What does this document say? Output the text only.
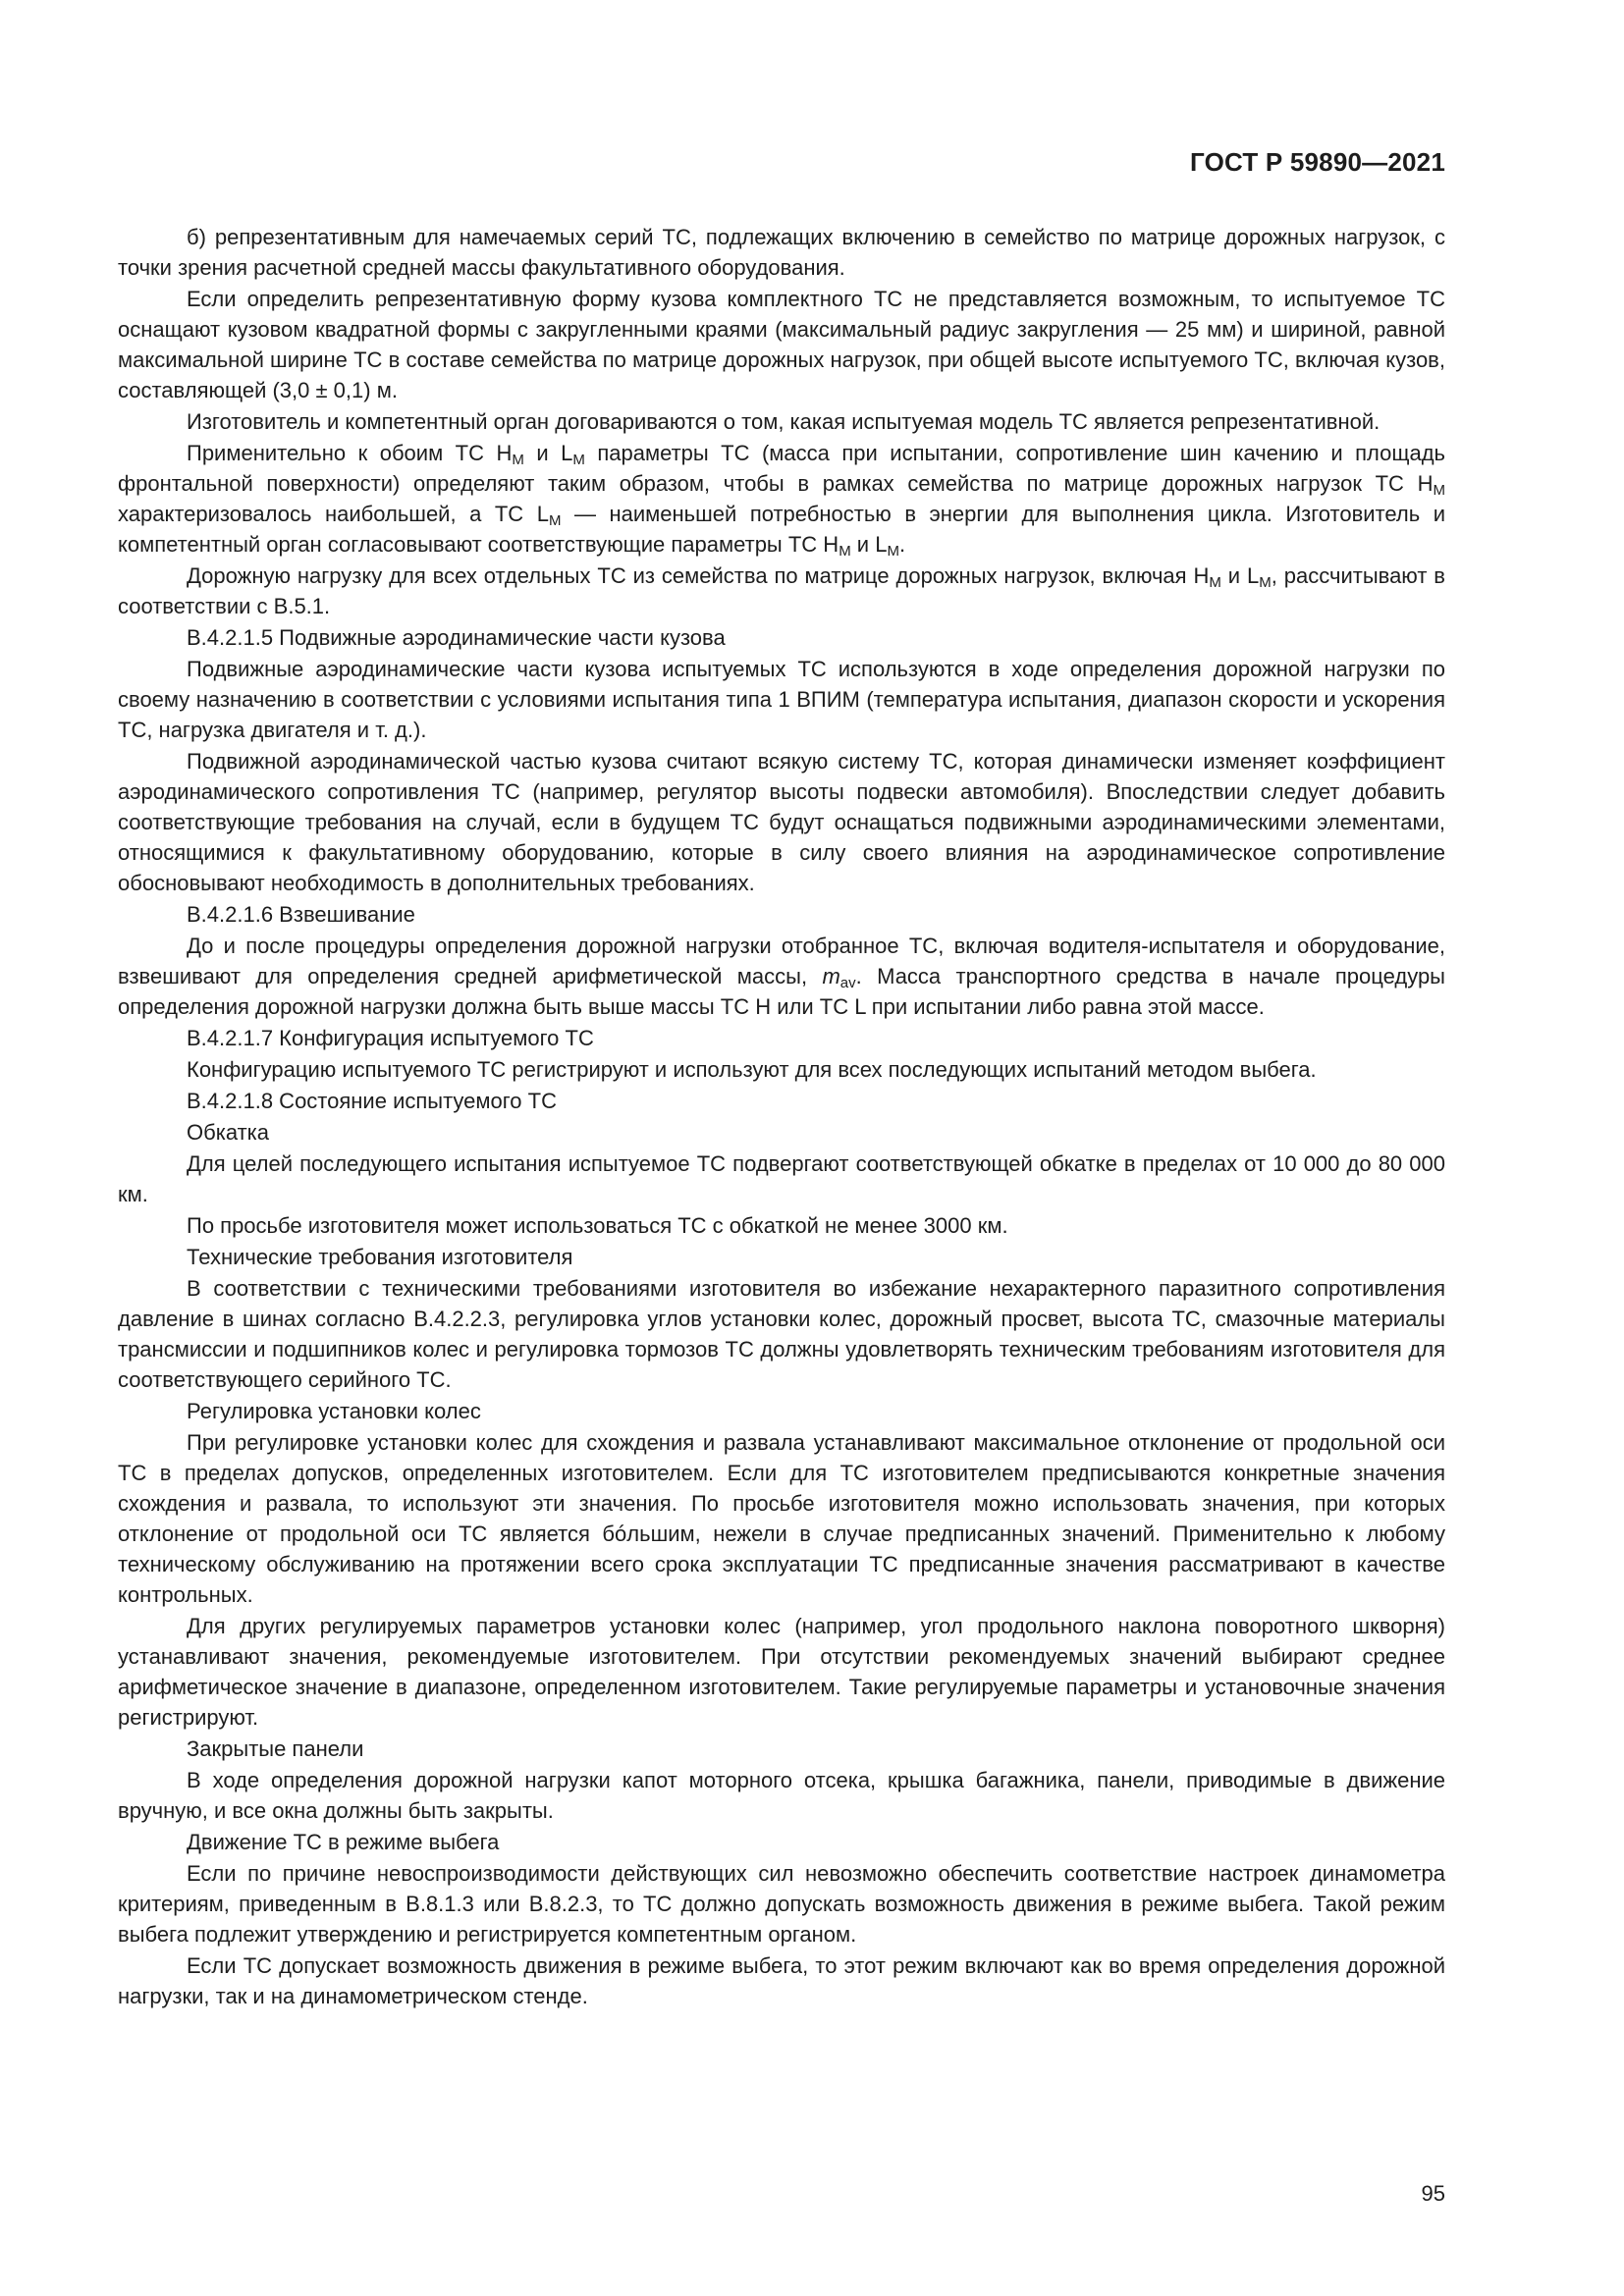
ГОСТ Р 59890—2021

б) репрезентативным для намечаемых серий ТС, подлежащих включению в семейство по матрице дорожных нагрузок, с точки зрения расчетной средней массы факультативного оборудования.

Если определить репрезентативную форму кузова комплектного ТС не представляется возможным, то испытуемое ТС оснащают кузовом квадратной формы с закругленными краями (максимальный радиус закругления — 25 мм) и шириной, равной максимальной ширине ТС в составе семейства по матрице дорожных нагрузок, при общей высоте испытуемого ТС, включая кузов, составляющей (3,0 ± 0,1) м.

Изготовитель и компетентный орган договариваются о том, какая испытуемая модель ТС является репрезентативной.

Применительно к обоим ТС $Н_M$ и $L_M$ параметры ТС (масса при испытании, сопротивление шин качению и площадь фронтальной поверхности) определяют таким образом, чтобы в рамках семейства по матрице дорожных нагрузок ТС $Н_M$ характеризовалось наибольшей, а ТС $L_M$ — наименьшей потребностью в энергии для выполнения цикла. Изготовитель и компетентный орган согласовывают соответствующие параметры ТС $Н_M$ и $L_M$.

Дорожную нагрузку для всех отдельных ТС из семейства по матрице дорожных нагрузок, включая $Н_M$ и $L_M$, рассчитывают в соответствии с В.5.1.

В.4.2.1.5 Подвижные аэродинамические части кузова

Подвижные аэродинамические части кузова испытуемых ТС используются в ходе определения дорожной нагрузки по своему назначению в соответствии с условиями испытания типа 1 ВПИМ (температура испытания, диапазон скорости и ускорения ТС, нагрузка двигателя и т. д.).

Подвижной аэродинамической частью кузова считают всякую систему ТС, которая динамически изменяет коэффициент аэродинамического сопротивления ТС (например, регулятор высоты подвески автомобиля). Впоследствии следует добавить соответствующие требования на случай, если в будущем ТС будут оснащаться подвижными аэродинамическими элементами, относящимися к факультативному оборудованию, которые в силу своего влияния на аэродинамическое сопротивление обосновывают необходимость в дополнительных требованиях.

В.4.2.1.6 Взвешивание

До и после процедуры определения дорожной нагрузки отобранное ТС, включая водителя-испытателя и оборудование, взвешивают для определения средней арифметической массы, $m_{av}$. Масса транспортного средства в начале процедуры определения дорожной нагрузки должна быть выше массы ТС Н или ТС L при испытании либо равна этой массе.

В.4.2.1.7 Конфигурация испытуемого ТС

Конфигурацию испытуемого ТС регистрируют и используют для всех последующих испытаний методом выбега.

В.4.2.1.8 Состояние испытуемого ТС

Обкатка

Для целей последующего испытания испытуемое ТС подвергают соответствующей обкатке в пределах от 10 000 до 80 000 км.

По просьбе изготовителя может использоваться ТС с обкаткой не менее 3000 км.

Технические требования изготовителя

В соответствии с техническими требованиями изготовителя во избежание нехарактерного паразитного сопротивления давление в шинах согласно В.4.2.2.3, регулировка углов установки колес, дорожный просвет, высота ТС, смазочные материалы трансмиссии и подшипников колес и регулировка тормозов ТС должны удовлетворять техническим требованиям изготовителя для соответствующего серийного ТС.

Регулировка установки колес

При регулировке установки колес для схождения и развала устанавливают максимальное отклонение от продольной оси ТС в пределах допусков, определенных изготовителем. Если для ТС изготовителем предписываются конкретные значения схождения и развала, то используют эти значения. По просьбе изготовителя можно использовать значения, при которых отклонение от продольной оси ТС является бóльшим, нежели в случае предписанных значений. Применительно к любому техническому обслуживанию на протяжении всего срока эксплуатации ТС предписанные значения рассматривают в качестве контрольных.

Для других регулируемых параметров установки колес (например, угол продольного наклона поворотного шкворня) устанавливают значения, рекомендуемые изготовителем. При отсутствии рекомендуемых значений выбирают среднее арифметическое значение в диапазоне, определенном изготовителем. Такие регулируемые параметры и установочные значения регистрируют.

Закрытые панели

В ходе определения дорожной нагрузки капот моторного отсека, крышка багажника, панели, приводимые в движение вручную, и все окна должны быть закрыты.

Движение ТС в режиме выбега

Если по причине невоспроизводимости действующих сил невозможно обеспечить соответствие настроек динамометра критериям, приведенным в В.8.1.3 или В.8.2.3, то ТС должно допускать возможность движения в режиме выбега. Такой режим выбега подлежит утверждению и регистрируется компетентным органом.

Если ТС допускает возможность движения в режиме выбега, то этот режим включают как во время определения дорожной нагрузки, так и на динамометрическом стенде.

95
